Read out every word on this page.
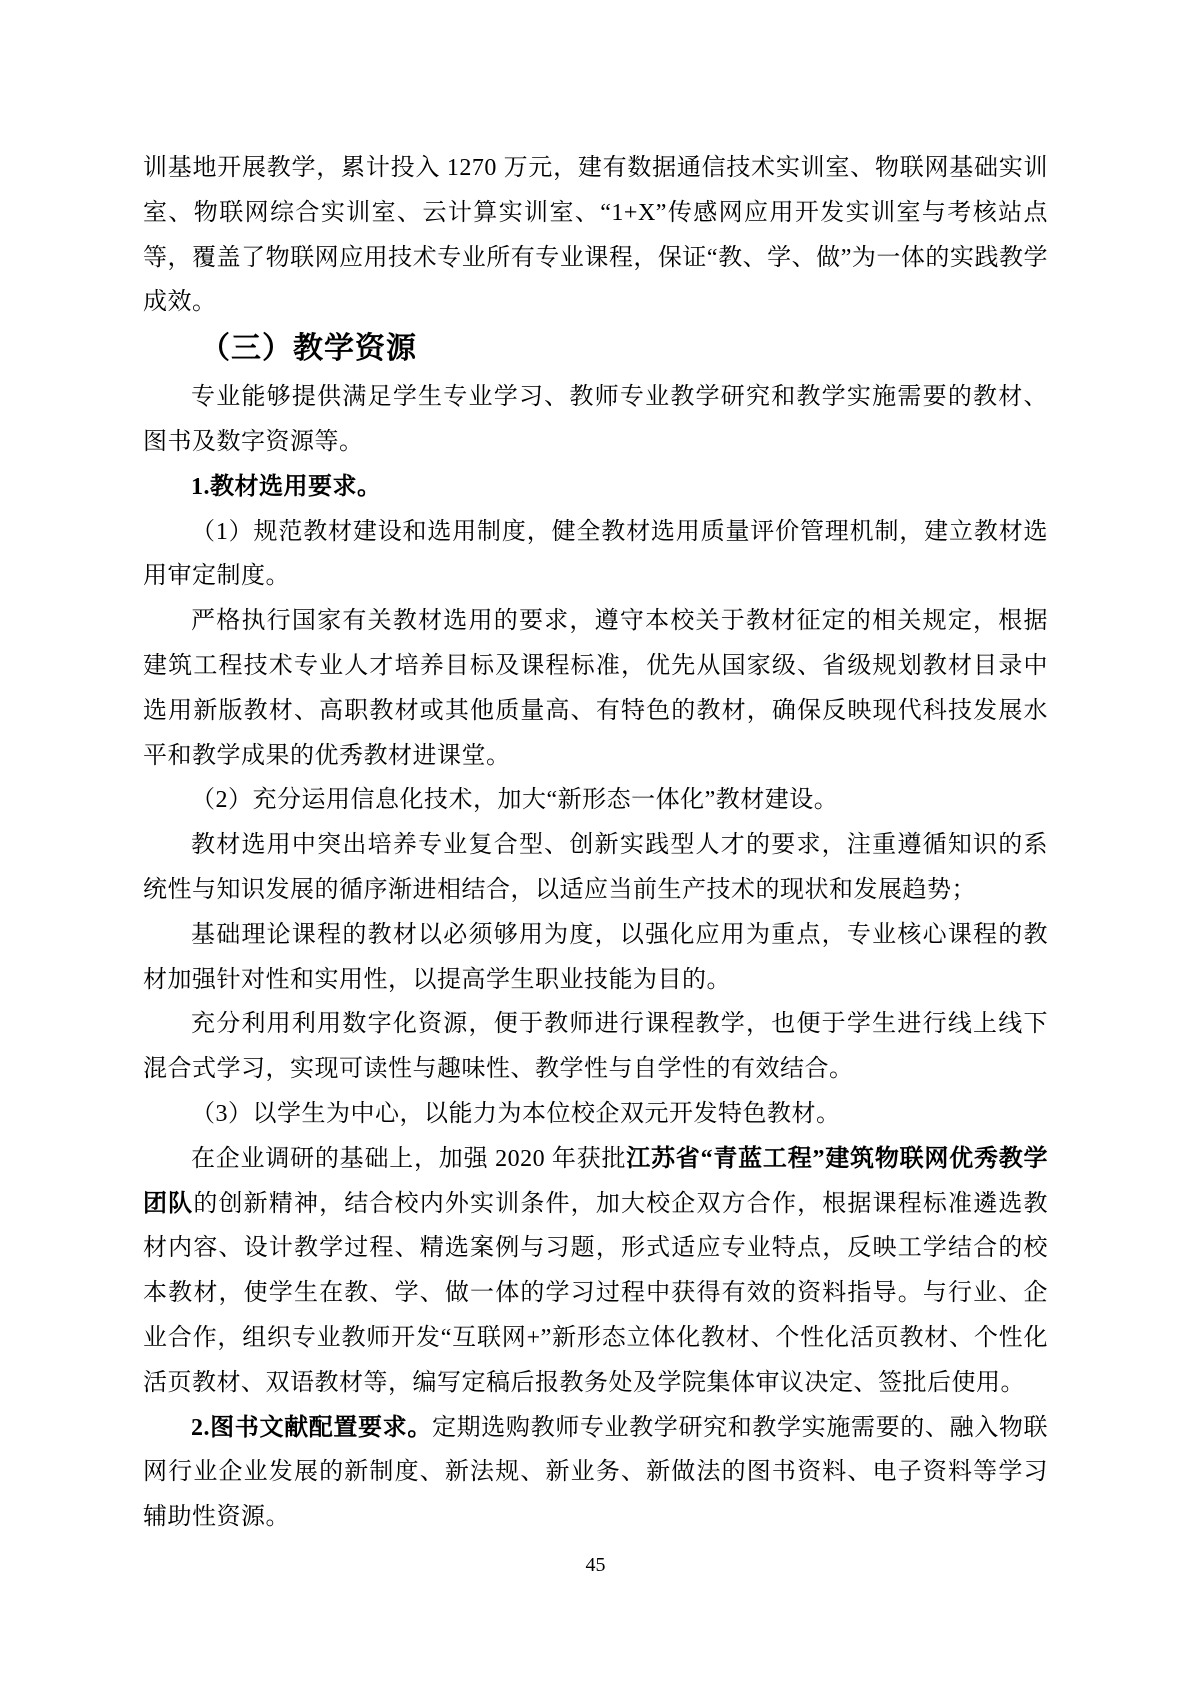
训基地开展教学，累计投入 1270 万元，建有数据通信技术实训室、物联网基础实训室、物联网综合实训室、云计算实训室、“1+X”传感网应用开发实训室与考核站点等，覆盖了物联网应用技术专业所有专业课程，保证“教、学、做”为一体的实践教学成效。

（三）教学资源

专业能够提供满足学生专业学习、教师专业教学研究和教学实施需要的教材、图书及数字资源等。

1.教材选用要求。

（1）规范教材建设和选用制度，健全教材选用质量评价管理机制，建立教材选用审定制度。

严格执行国家有关教材选用的要求，遵守本校关于教材征定的相关规定，根据建筑工程技术专业人才培养目标及课程标准，优先从国家级、省级规划教材目录中选用新版教材、高职教材或其他质量高、有特色的教材，确保反映现代科技发展水平和教学成果的优秀教材进课堂。

（2）充分运用信息化技术，加大“新形态一体化”教材建设。

教材选用中突出培养专业复合型、创新实践型人才的要求，注重遵循知识的系统性与知识发展的循序渐进相结合，以适应当前生产技术的现状和发展趋势；

基础理论课程的教材以必须够用为度，以强化应用为重点，专业核心课程的教材加强针对性和实用性，以提高学生职业技能为目的。

充分利用利用数字化资源，便于教师进行课程教学，也便于学生进行线上线下混合式学习，实现可读性与趣味性、教学性与自学性的有效结合。

（3）以学生为中心，以能力为本位校企双元开发特色教材。

在企业调研的基础上，加强 2020 年获批江苏省“青蓝工程”建筑物联网优秀教学团队的创新精神，结合校内外实训条件，加大校企双方合作，根据课程标准遴选教材内容、设计教学过程、精选案例与习题，形式适应专业特点，反映工学结合的校本教材，使学生在教、学、做一体的学习过程中获得有效的资料指导。与行业、企业合作，组织专业教师开发“互联网+”新形态立体化教材、个性化活页教材、个性化活页教材、双语教材等，编写定稿后报教务处及学院集体审议决定、签批后使用。

2.图书文献配置要求。定期选购教师专业教学研究和教学实施需要的、融入物联网行业企业发展的新制度、新法规、新业务、新做法的图书资料、电子资料等学习辅助性资源。

45
